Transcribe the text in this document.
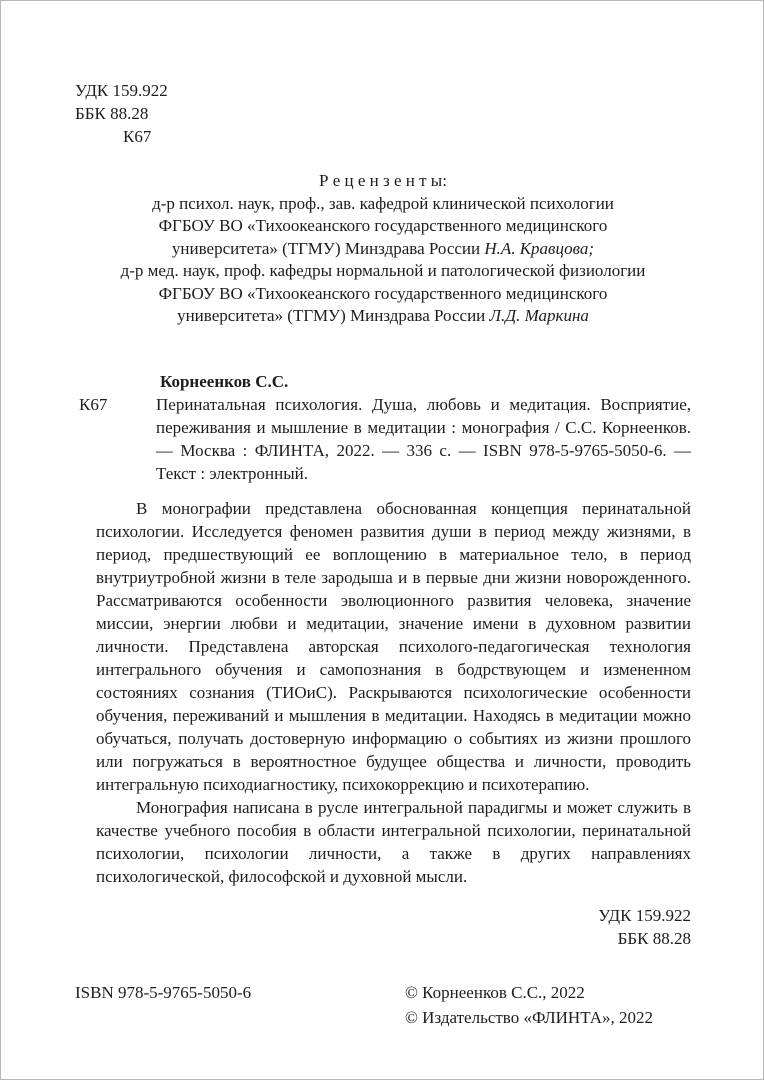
УДК 159.922
ББК 88.28
К67
Р е ц е н з е н т ы:
д-р психол. наук, проф., зав. кафедрой клинической психологии
ФГБОУ ВО «Тихоокеанского государственного медицинского
университета» (ТГМУ) Минздрава России Н.А. Кравцова;
д-р мед. наук, проф. кафедры нормальной и патологической физиологии
ФГБОУ ВО «Тихоокеанского государственного медицинского
университета» (ТГМУ) Минздрава России Л.Д. Маркина
Корнеенков С.С.
К67	Перинатальная психология. Душа, любовь и медитация. Восприятие, переживания и мышление в медитации : монография / С.С. Корнеенков. — Москва : ФЛИНТА, 2022. — 336 с. — ISBN 978-5-9765-5050-6. — Текст : электронный.

В монографии представлена обоснованная концепция перинатальной психологии. Исследуется феномен развития души в период между жизнями, в период, предшествующий ее воплощению в материальное тело, в период внутриутробной жизни в теле зародыша и в первые дни жизни новорожденного. Рассматриваются особенности эволюционного развития человека, значение миссии, энергии любви и медитации, значение имени в духовном развитии личности. Представлена авторская психолого-педагогическая технология интегрального обучения и самопознания в бодрствующем и измененном состояниях сознания (ТИОиС). Раскрываются психологические особенности обучения, переживаний и мышления в медитации. Находясь в медитации можно обучаться, получать достоверную информацию о событиях из жизни прошлого или погружаться в вероятностное будущее общества и личности, проводить интегральную психодиагностику, психокоррекцию и психотерапию.

Монография написана в русле интегральной парадигмы и может служить в качестве учебного пособия в области интегральной психологии, перинатальной психологии, психологии личности, а также в других направлениях психологической, философской и духовной мысли.

УДК 159.922
ББК 88.28
ISBN 978-5-9765-5050-6	© Корнеенков С.С., 2022
© Издательство «ФЛИНТА», 2022
